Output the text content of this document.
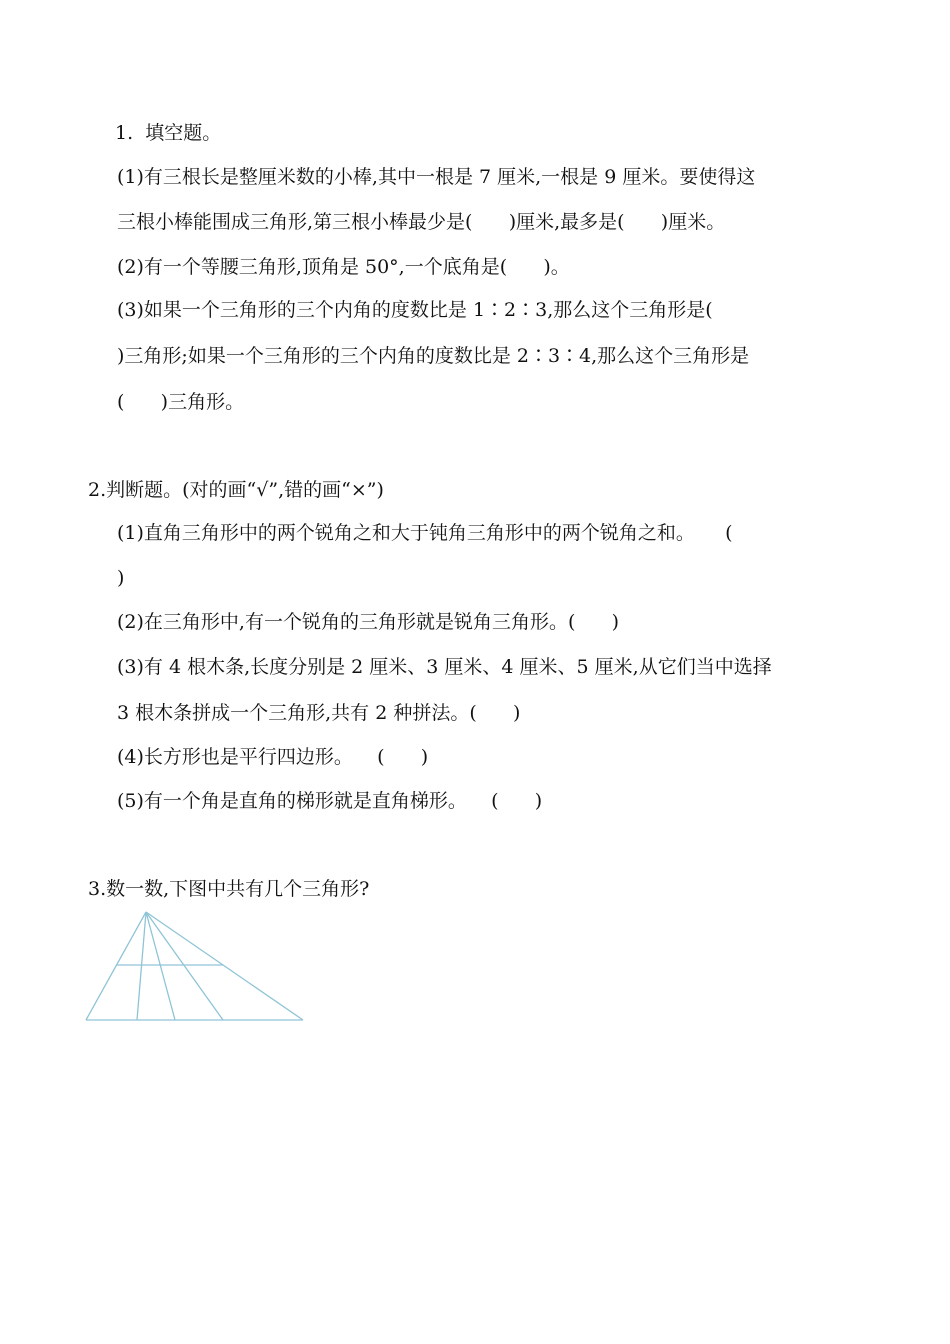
1.  填空题。
(1)有三根长是整厘米数的小棒,其中一根是 7 厘米,一根是 9 厘米。要使得这
三根小棒能围成三角形,第三根小棒最少是(      )厘米,最多是(      )厘米。
(2)有一个等腰三角形,顶角是 50°,一个底角是(      )。
(3)如果一个三角形的三个内角的度数比是 1∶2∶3,那么这个三角形是(
)三角形;如果一个三角形的三个内角的度数比是 2∶3∶4,那么这个三角形是
(      )三角形。
2.判断题。(对的画“√”,错的画“×”)
(1)直角三角形中的两个锐角之和大于钝角三角形中的两个锐角之和。     (
)
(2)在三角形中,有一个锐角的三角形就是锐角三角形。(      )
(3)有 4 根木条,长度分别是 2 厘米、3 厘米、4 厘米、5 厘米,从它们当中选择
3 根木条拼成一个三角形,共有 2 种拼法。(      )
(4)长方形也是平行四边形。    (      )
(5)有一个角是直角的梯形就是直角梯形。    (      )
3.数一数,下图中共有几个三角形?
